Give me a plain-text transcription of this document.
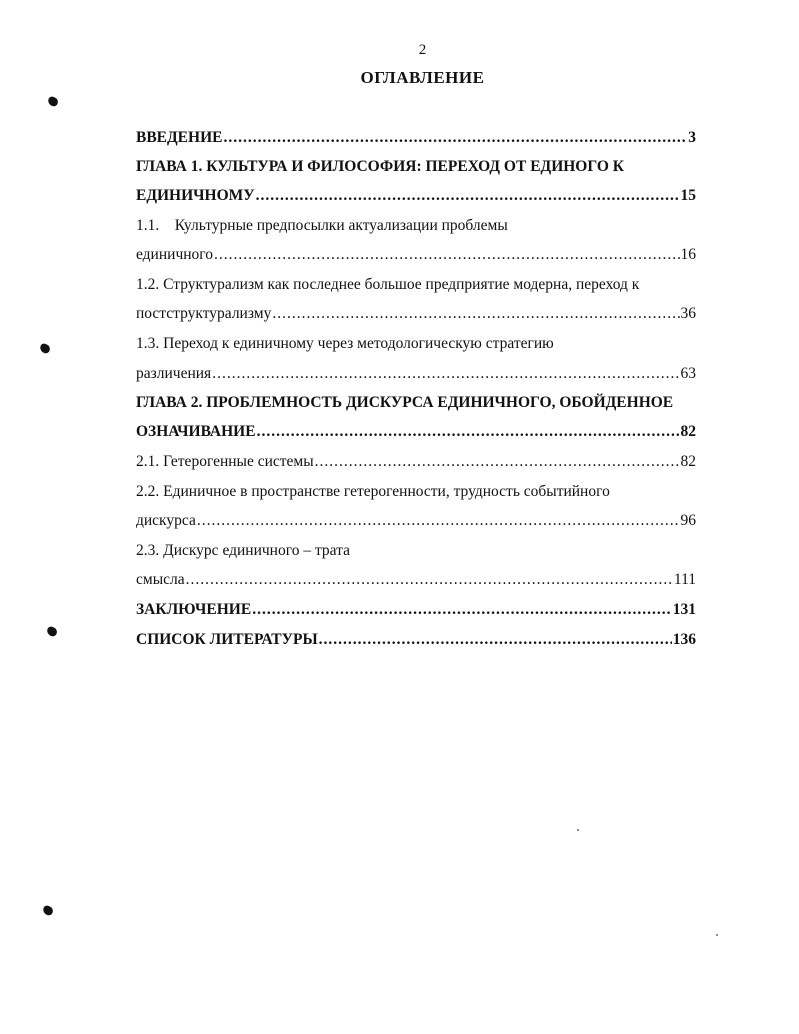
2
ОГЛАВЛЕНИЕ
ВВЕДЕНИЕ .....	3
ГЛАВА 1. КУЛЬТУРА И ФИЛОСОФИЯ: ПЕРЕХОД ОТ ЕДИНОГО К
ЕДИНИЧНОМУ .....	15
1.1. Культурные предпосылки актуализации проблемы
единичного .....	16
1.2. Структурализм как последнее большое предприятие модерна, переход к
постструктурализму .....	36
1.3. Переход к единичному через методологическую стратегию
различения .....	63
ГЛАВА 2. ПРОБЛЕМНОСТЬ ДИСКУРСА ЕДИНИЧНОГО, ОБОЙДЕННОЕ
ОЗНАЧИВАНИЕ .....	82
2.1. Гетерогенные системы .....	82
2.2. Единичное в пространстве гетерогенности, трудность событийного
дискурса .....	96
2.3. Дискурс единичного – трата
смысла .....	111
ЗАКЛЮЧЕНИЕ .....	131
СПИСОК ЛИТЕРАТУРЫ .....	136
